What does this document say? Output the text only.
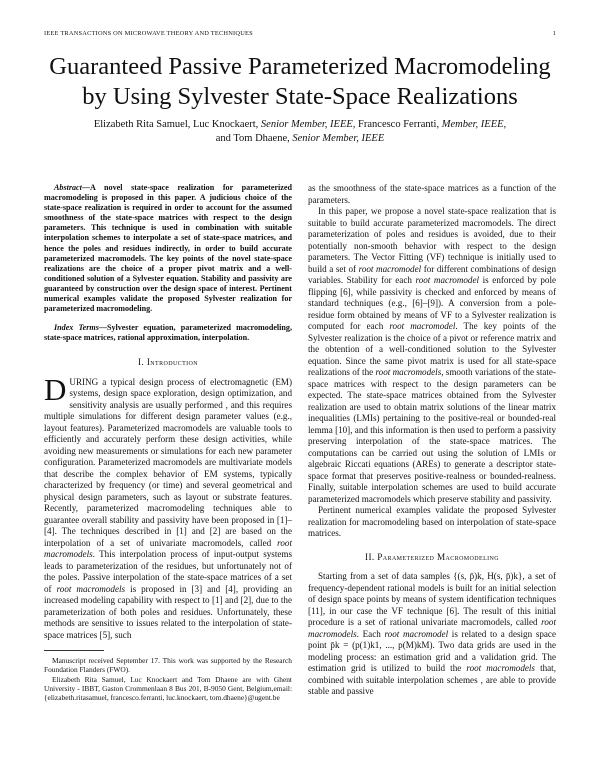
IEEE TRANSACTIONS ON MICROWAVE THEORY AND TECHNIQUES	1
Guaranteed Passive Parameterized Macromodeling by Using Sylvester State-Space Realizations
Elizabeth Rita Samuel, Luc Knockaert, Senior Member, IEEE, Francesco Ferranti, Member, IEEE,
and Tom Dhaene, Senior Member, IEEE

Abstract—A novel state-space realization for parameterized macromodeling is proposed in this paper. A judicious choice of the state-space realization is required in order to account for the assumed smoothness of the state-space matrices with respect to the design parameters. This technique is used in combination with suitable interpolation schemes to interpolate a set of state-space matrices, and hence the poles and residues indirectly, in order to build accurate parameterized macromodels. The key points of the novel state-space realizations are the choice of a proper pivot matrix and a well-conditioned solution of a Sylvester equation. Stability and passivity are guaranteed by construction over the design space of interest. Pertinent numerical examples validate the proposed Sylvester realization for parameterized macromodeling.

Index Terms—Sylvester equation, parameterized macromodeling, state-space matrices, rational approximation, interpolation.

I. Introduction

DURING a typical design process of electromagnetic (EM) systems, design space exploration, design optimization, and sensitivity analysis are usually performed , and this requires multiple simulations for different design parameter values (e.g., layout features). Parameterized macromodels are valuable tools to efficiently and accurately perform these design activities, while avoiding new measurements or simulations for each new parameter configuration. Parameterized macromodels are multivariate models that describe the complex behavior of EM systems, typically characterized by frequency (or time) and several geometrical and physical design parameters, such as layout or substrate features. Recently, parameterized macromodeling techniques able to guarantee overall stability and passivity have been proposed in [1]–[4]. The techniques described in [1] and [2] are based on the interpolation of a set of univariate macromodels, called root macromodels. This interpolation process of input-output systems leads to parameterization of the residues, but unfortunately not of the poles. Passive interpolation of the state-space matrices of a set of root macromodels is proposed in [3] and [4], providing an increased modeling capability with respect to [1] and [2], due to the parameterization of both poles and residues. Unfortunately, these methods are sensitive to issues related to the interpolation of state-space matrices [5], such

Manuscript received September 17. This work was supported by the Research Foundation Flanders (FWO).

Elizabeth Rita Samuel, Luc Knockaert and Tom Dhaene are with Ghent University - IBBT, Gaston Crommenlaan 8 Bus 201, B-9050 Gent, Belgium,email: {elizabeth.ritasamuel, francesco.ferranti, luc.knockaert, tom.dhaene}@ugent.be

as the smoothness of the state-space matrices as a function of the parameters.

In this paper, we propose a novel state-space realization that is suitable to build accurate parameterized macromodels. The direct parameterization of poles and residues is avoided, due to their potentially non-smooth behavior with respect to the design parameters. The Vector Fitting (VF) technique is initially used to build a set of root macromodel for different combinations of design variables. Stability for each root macromodel is enforced by pole flipping [6], while passivity is checked and enforced by means of standard techniques (e.g., [6]–[9]). A conversion from a pole-residue form obtained by means of VF to a Sylvester realization is computed for each root macromodel. The key points of the Sylvester realization is the choice of a pivot or reference matrix and the obtention of a well-conditioned solution to the Sylvester equation. Since the same pivot matrix is used for all state-space realizations of the root macromodels, smooth variations of the state-space matrices with respect to the design parameters can be expected. The state-space matrices obtained from the Sylvester realization are used to obtain matrix solutions of the linear matrix inequalities (LMIs) pertaining to the positive-real or bounded-real lemma [10], and this information is then used to perform a passivity preserving interpolation of the state-space matrices. The computations can be carried out using the solution of LMIs or algebraic Riccati equations (AREs) to generate a descriptor state-space format that preserves positive-realness or bounded-realness. Finally, suitable interpolation schemes are used to build accurate parameterized macromodels which preserve stability and passivity.

Pertinent numerical examples validate the proposed Sylvester realization for macromodeling based on interpolation of state-space matrices.

II. Parameterized Macromodeling

Starting from a set of data samples {(s, p̄)k, H(s, p̄)k}, a set of frequency-dependent rational models is built for an initial selection of design space points by means of system identification techniques [11], in our case the VF technique [6]. The result of this initial procedure is a set of rational univariate macromodels, called root macromodels. Each root macromodel is related to a design space point p̄k = (p(1)k1, ..., p(M)kM). Two data grids are used in the modeling process: an estimation grid and a validation grid. The estimation grid is utilized to build the root macromodels that, combined with suitable interpolation schemes , are able to provide stable and passive
